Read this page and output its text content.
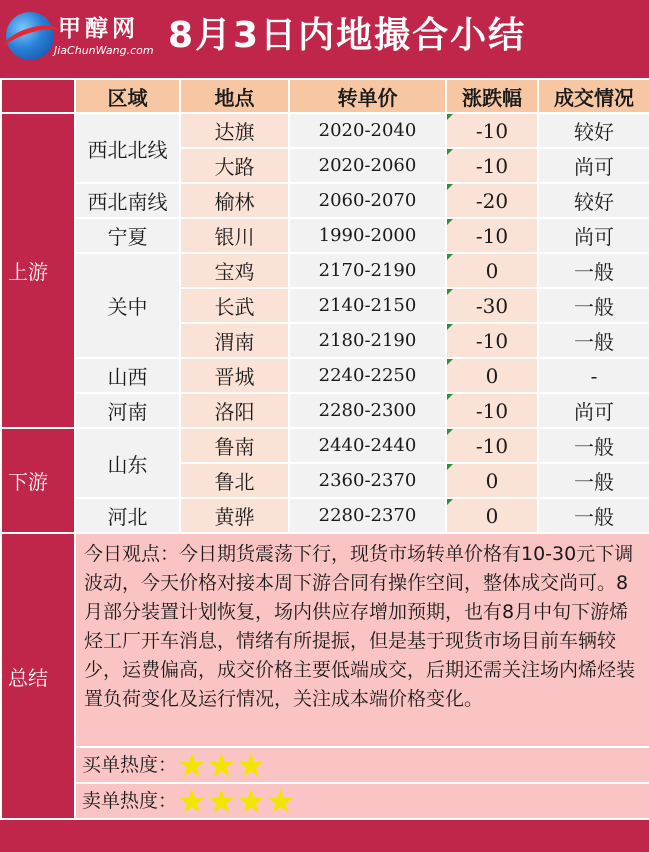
甲醇网
JiaChunWang.com 8月3日内地撮合小结
	区域	地点	转单价	涨跌幅	成交情况
上游	西北北线	达旗	2020-2040	-10	较好
		大路	2020-2060	-10	尚可
	西北南线	榆林	2060-2070	-20	较好
	宁夏	银川	1990-2000	-10	尚可
	关中	宝鸡	2170-2190	0	一般
		长武	2140-2150	-30	一般
		渭南	2180-2190	-10	一般
	山西	晋城	2240-2250	0	-
	河南	洛阳	2280-2300	-10	尚可
下游	山东	鲁南	2440-2440	-10	一般
		鲁北	2360-2370	0	一般
	河北	黄骅	2280-2370	0	一般
总结	今日观点：今日期货震荡下行，现货市场转单价格有10-30元下调波动，今天价格对接本周下游合同有操作空间，整体成交尚可。8月部分装置计划恢复，场内供应存增加预期，也有8月中旬下游烯烃工厂开车消息，情绪有所提振，但是基于现货市场目前车辆较少，运费偏高，成交价格主要低端成交，后期还需关注场内烯烃装置负荷变化及运行情况，关注成本端价格变化。				
	买单热度：★★★				
	卖单热度：★★★★				
